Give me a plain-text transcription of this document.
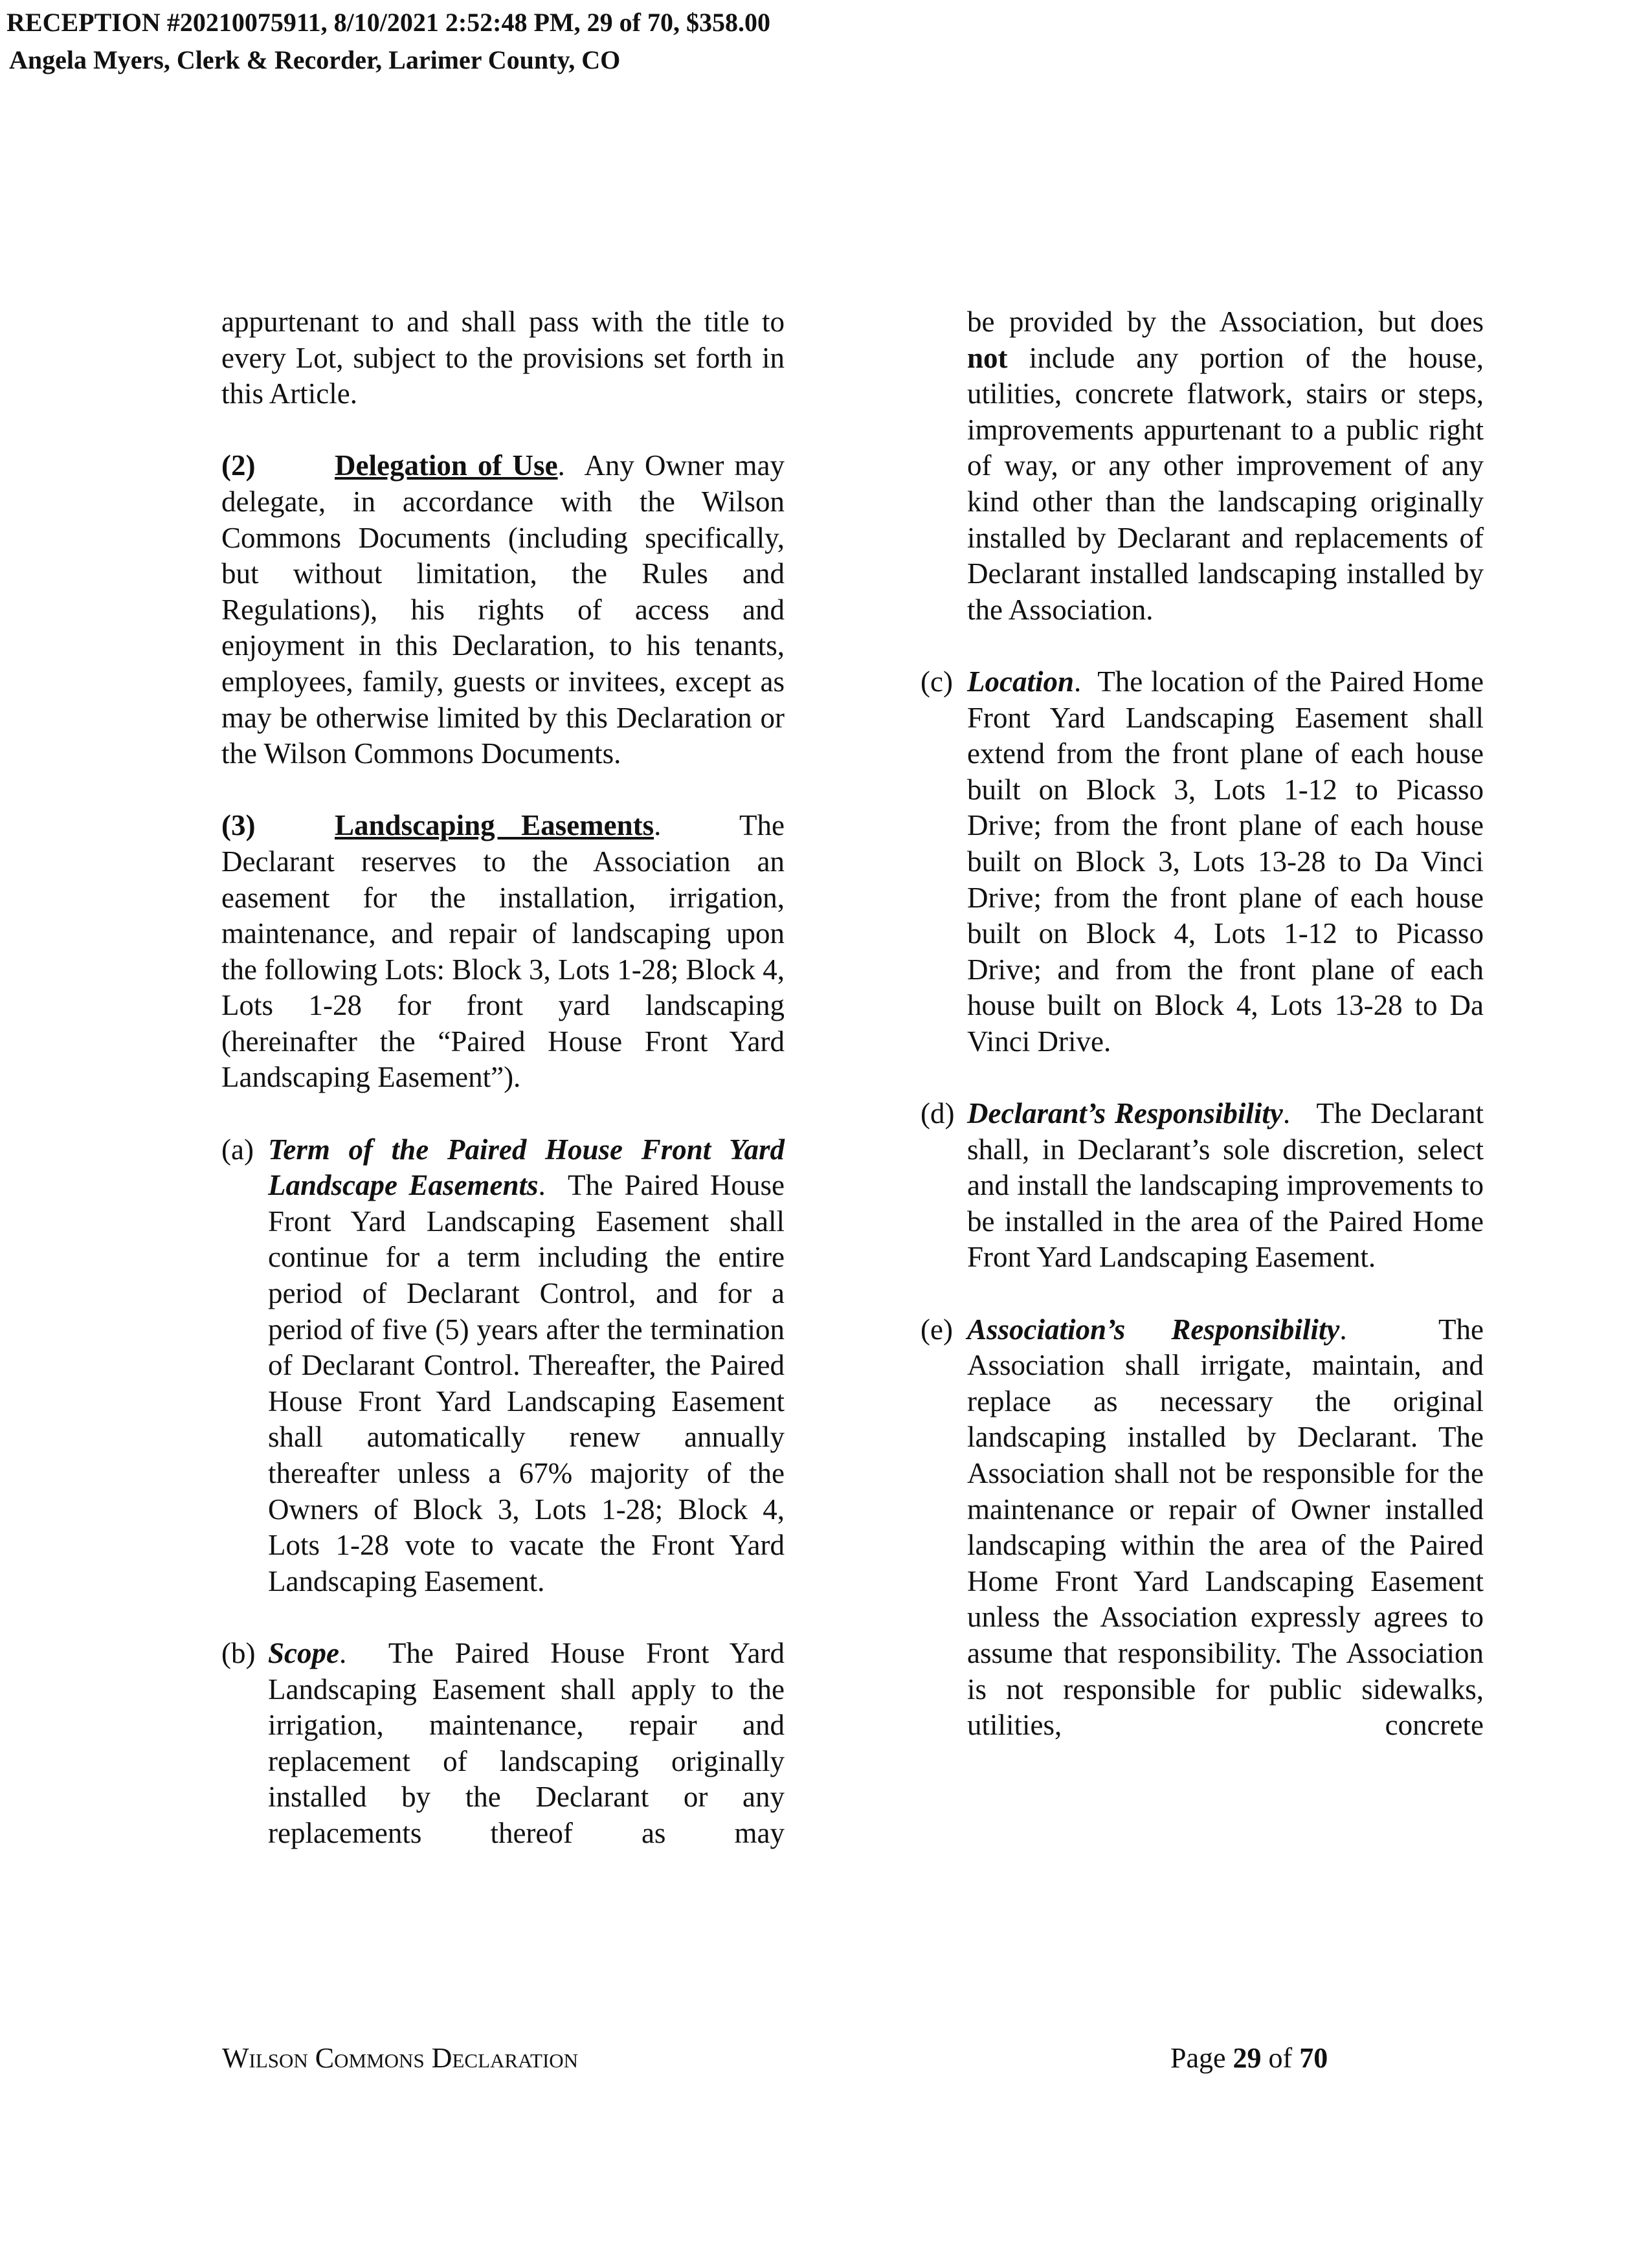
RECEPTION #20210075911, 8/10/2021 2:52:48 PM, 29 of 70, $358.00
Angela Myers, Clerk & Recorder, Larimer County, CO

appurtenant to and shall pass with the title to every Lot, subject to the provisions set forth in this Article.

(2)	Delegation of Use.  Any Owner may delegate, in accordance with the Wilson Commons Documents (including specifically, but without limitation, the Rules and Regulations), his rights of access and enjoyment in this Declaration, to his tenants, employees, family, guests or invitees, except as may be otherwise limited by this Declaration or the Wilson Commons Documents.

(3)	Landscaping Easements.   The Declarant reserves to the Association an easement for the installation, irrigation, maintenance, and repair of landscaping upon the following Lots: Block 3, Lots 1-28; Block 4, Lots 1-28 for front yard landscaping (hereinafter the “Paired House Front Yard Landscaping Easement”).

(a) Term of the Paired House Front Yard Landscape Easements.  The Paired House Front Yard Landscaping Easement shall continue for a term including the entire period of Declarant Control, and for a period of five (5) years after the termination of Declarant Control. Thereafter, the Paired House Front Yard Landscaping Easement shall automatically renew annually thereafter unless a 67% majority of the Owners of Block 3, Lots 1-28; Block 4, Lots 1-28 vote to vacate the Front Yard Landscaping Easement.
(b) Scope.  The Paired House Front Yard Landscaping Easement shall apply to the irrigation, maintenance, repair and replacement of landscaping originally installed by the Declarant or any replacements thereof as may
be provided by the Association, but does not include any portion of the house, utilities, concrete flatwork, stairs or steps, improvements appurtenant to a public right of way, or any other improvement of any kind other than the landscaping originally installed by Declarant and replacements of Declarant installed landscaping installed by the Association.
(c) Location.  The location of the Paired Home Front Yard Landscaping Easement shall extend from the front plane of each house built on Block 3, Lots 1-12 to Picasso Drive; from the front plane of each house built on Block 3, Lots 13-28 to Da Vinci Drive; from the front plane of each house built on Block 4, Lots 1-12 to Picasso Drive; and from the front plane of each house built on Block 4, Lots 13-28 to Da Vinci Drive.
(d) Declarant’s Responsibility.   The Declarant shall, in Declarant’s sole discretion, select and install the landscaping improvements to be installed in the area of the Paired Home Front Yard Landscaping Easement.
(e) Association’s Responsibility.  The Association shall irrigate, maintain, and replace as necessary the original landscaping installed by Declarant. The Association shall not be responsible for the maintenance or repair of Owner installed landscaping within the area of the Paired Home Front Yard Landscaping Easement unless the Association expressly agrees to assume that responsibility. The Association is not responsible for public sidewalks, utilities, concrete
Wilson Commons Declaration	Page 29 of 70
